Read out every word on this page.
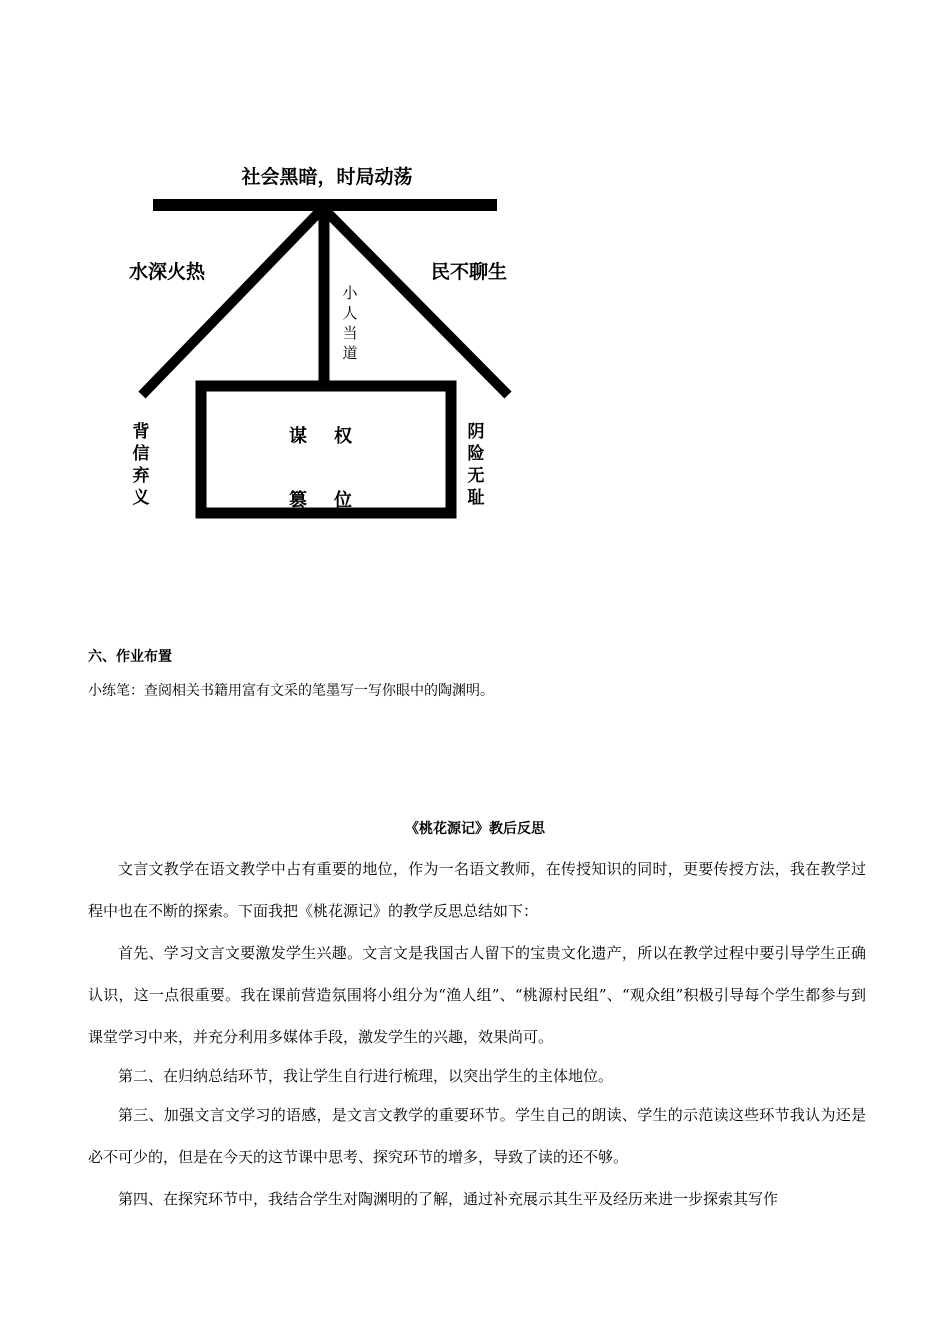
社会黑暗，时局动荡
水深火热	民不聊生
小
人
当
道
背
信
弃
义
阴
险
无
耻
谋 权
篡 位
六、作业布置
小练笔：查阅相关书籍用富有文采的笔墨写一写你眼中的陶渊明。
《桃花源记》教后反思

文言文教学在语文教学中占有重要的地位，作为一名语文教师，在传授知识的同时，更要传授方法，我在教学过程中也在不断的探索。下面我把《桃花源记》的教学反思总结如下：

首先、学习文言文要激发学生兴趣。文言文是我国古人留下的宝贵文化遗产，所以在教学过程中要引导学生正确认识，这一点很重要。我在课前营造氛围将小组分为“渔人组”、“桃源村民组”、“观众组”积极引导每个学生都参与到课堂学习中来，并充分利用多媒体手段，激发学生的兴趣，效果尚可。

第二、在归纳总结环节，我让学生自行进行梳理，以突出学生的主体地位。

第三、加强文言文学习的语感，是文言文教学的重要环节。学生自己的朗读、学生的示范读这些环节我认为还是必不可少的，但是在今天的这节课中思考、探究环节的增多，导致了读的还不够。

第四、在探究环节中，我结合学生对陶渊明的了解，通过补充展示其生平及经历来进一步探索其写作
